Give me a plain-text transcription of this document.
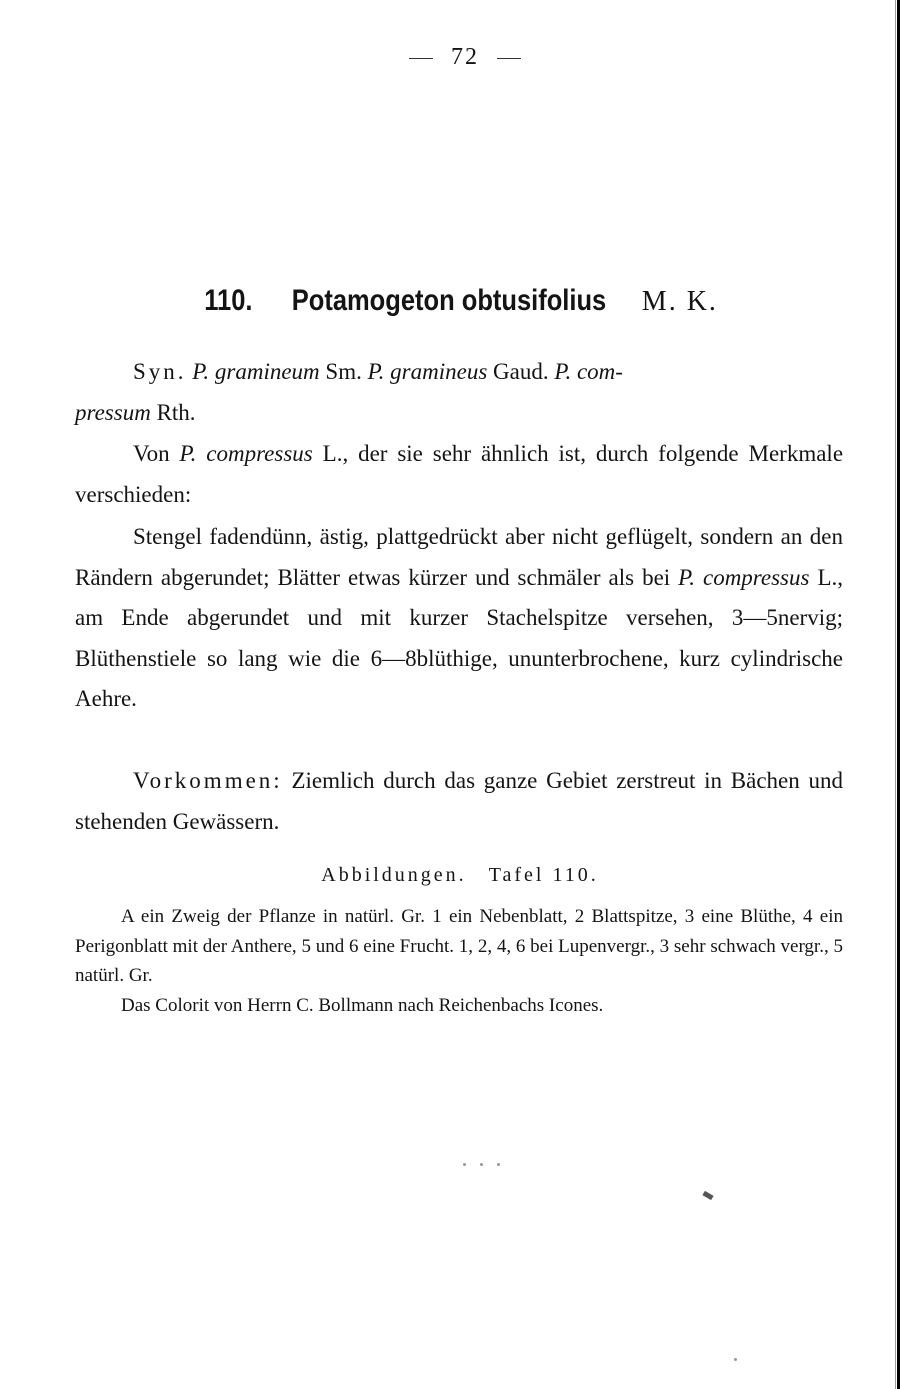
72
110. Potamogeton obtusifolius M. K.

Syn. P. gramineum Sm. P. gramineus Gaud. P. com-
pressum Rth.

Von P. compressus L., der sie sehr ähnlich ist, durch folgende Merkmale verschieden:

Stengel fadendünn, ästig, plattgedrückt aber nicht geflügelt, sondern an den Rändern abgerundet; Blätter etwas kürzer und schmäler als bei P. compressus L., am Ende abgerundet und mit kurzer Stachelspitze versehen, 3—5nervig; Blüthenstiele so lang wie die 6—8blüthige, ununterbrochene, kurz cylindrische Aehre.

Vorkommen: Ziemlich durch das ganze Gebiet zerstreut in Bächen und stehenden Gewässern.

Abbildungen. Tafel 110.

A ein Zweig der Pflanze in natürl. Gr. 1 ein Nebenblatt, 2 Blattspitze, 3 eine Blüthe, 4 ein Perigonblatt mit der Anthere, 5 und 6 eine Frucht. 1, 2, 4, 6 bei Lupenvergr., 3 sehr schwach vergr., 5 natürl. Gr.

Das Colorit von Herrn C. Bollmann nach Reichenbachs Icones.
